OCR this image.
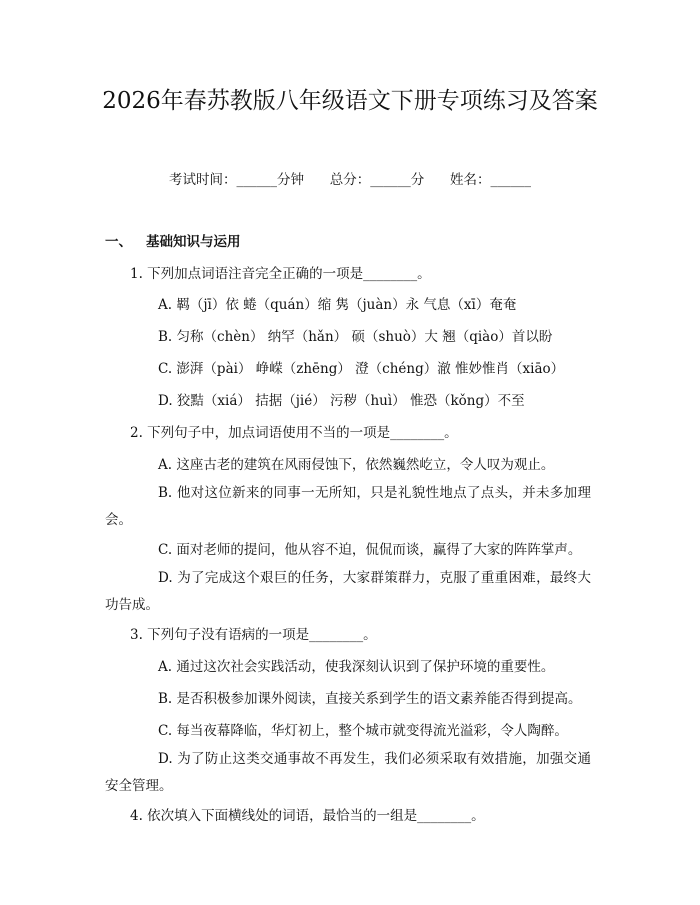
2026年春苏教版八年级语文下册专项练习及答案
考试时间：______分钟      总分：______分      姓名：______
一、 基础知识与运用
1. 下列加点词语注音完全正确的一项是________。
A. 羁（jī）依 蜷（quán）缩 隽（juàn）永 气息（xī）奄奄
B. 匀称（chèn） 纳罕（hǎn） 硕（shuò）大 翘（qiào）首以盼
C. 澎湃（pài） 峥嵘（zhēng） 澄（chéng）澈 惟妙惟肖（xiāo）
D. 狡黠（xiá） 拮据（jié） 污秽（huì） 惟恐（kǒng）不至
2. 下列句子中，加点词语使用不当的一项是________。
A. 这座古老的建筑在风雨侵蚀下，依然巍然屹立，令人叹为观止。
B. 他对这位新来的同事一无所知，只是礼貌性地点了点头，并未多加理会。
C. 面对老师的提问，他从容不迫，侃侃而谈，赢得了大家的阵阵掌声。
D. 为了完成这个艰巨的任务，大家群策群力，克服了重重困难，最终大功告成。
3. 下列句子没有语病的一项是________。
A. 通过这次社会实践活动，使我深刻认识到了保护环境的重要性。
B. 是否积极参加课外阅读，直接关系到学生的语文素养能否得到提高。
C. 每当夜幕降临，华灯初上，整个城市就变得流光溢彩，令人陶醉。
D. 为了防止这类交通事故不再发生，我们必须采取有效措施，加强交通安全管理。
4. 依次填入下面横线处的词语，最恰当的一组是________。
